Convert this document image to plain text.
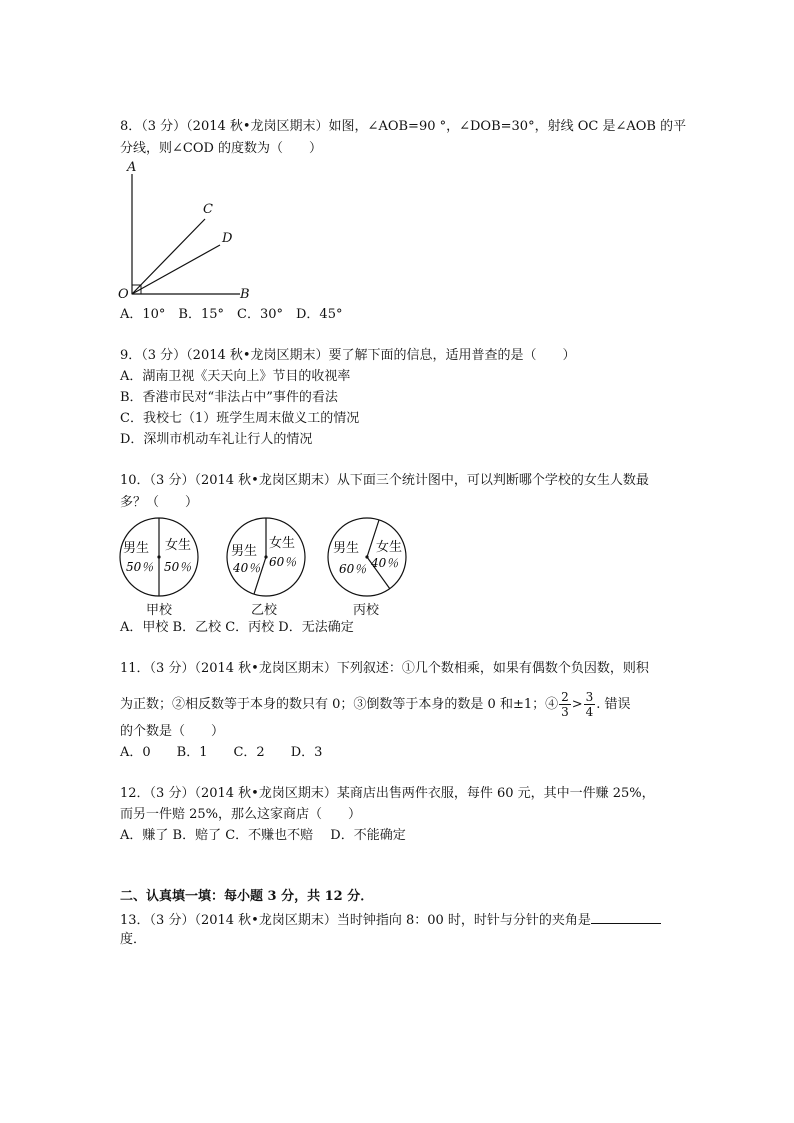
8．（3 分）（2014 秋•龙岗区期末）如图，∠AOB=90 °，∠DOB=30°，射线 OC 是∠AOB 的平
分线，则∠COD 的度数为（　　）
A
C
D
O	B
A．10°　B．15°　C．30°　D．45°
9．（3 分）（2014 秋•龙岗区期末）要了解下面的信息，适用普查的是（　　）
A．湖南卫视《天天向上》节目的收视率
B．香港市民对“非法占中”事件的看法
C．我校七（1）班学生周末做义工的情况
D．深圳市机动车礼让行人的情况
10．（3 分）（2014 秋•龙岗区期末）从下面三个统计图中，可以判断哪个学校的女生人数最
多？（　　）
男生
50％
女生
50％
甲校
男生
40％
女生
60％
乙校
男生
60％
女生
40％
丙校
A．甲校 B．乙校 C．丙校 D．无法确定
11．（3 分）（2014 秋•龙岗区期末）下列叙述：①几个数相乘，如果有偶数个负因数，则积
为正数；②相反数等于本身的数只有 0；③倒数等于本身的数是 0 和±1；④ $\frac{2}{3} > \frac{3}{4}$ . 错误
的个数是（　　）
A．0　　B．1　　C．2　　D．3
12．（3 分）（2014 秋•龙岗区期末）某商店出售两件衣服，每件 60 元，其中一件赚 25%，
而另一件赔 25%，那么这家商店（　　）
A．赚了 B．赔了 C．不赚也不赔　 D．不能确定
二、认真填一填：每小题 3 分，共 12 分．
13．（3 分）（2014 秋•龙岗区期末）当时钟指向 8：00 时，时针与分针的夹角是
度．
